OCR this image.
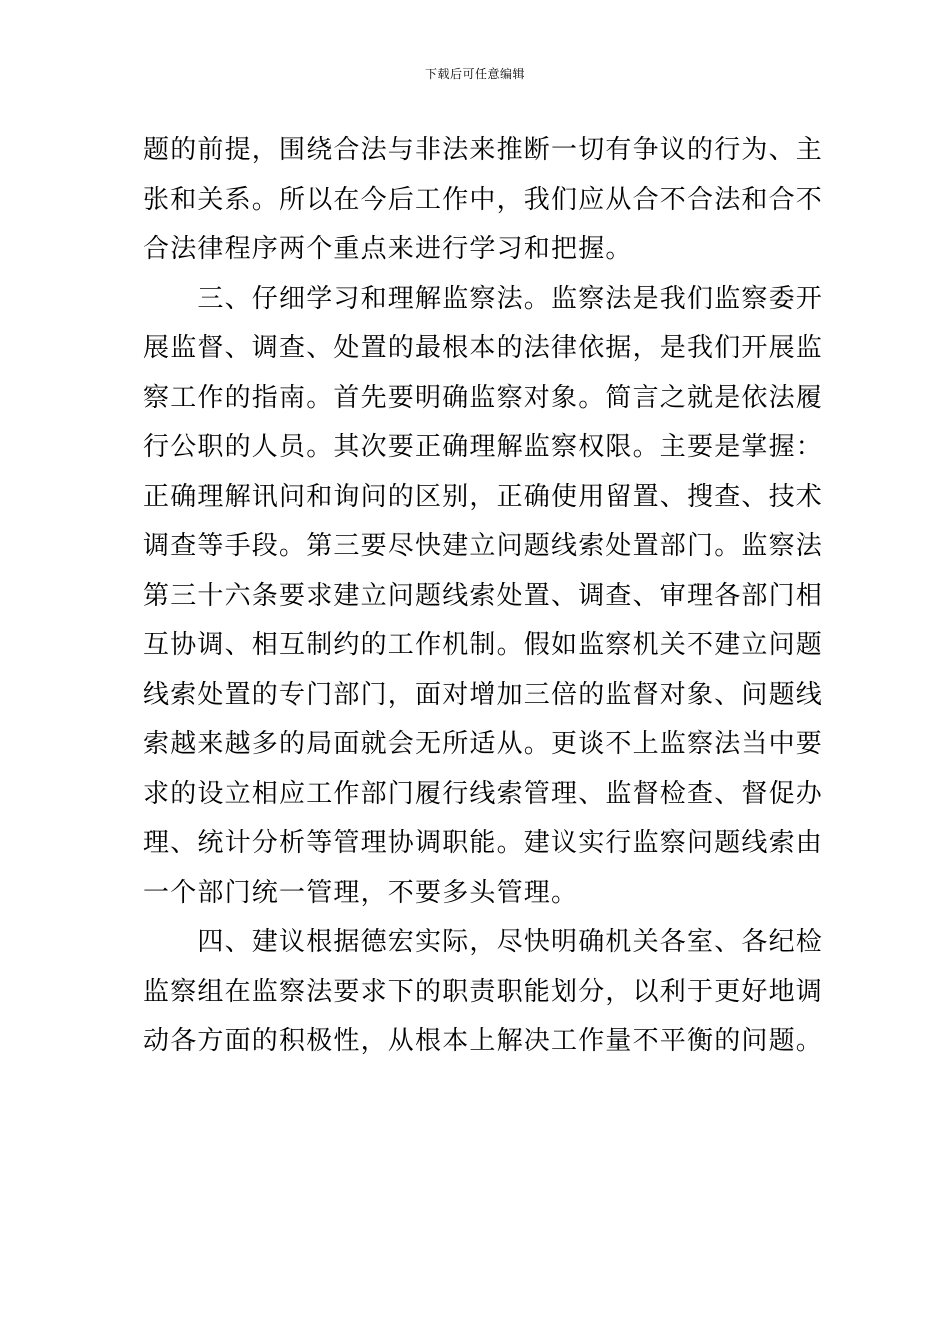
下载后可任意编辑
题的前提，围绕合法与非法来推断一切有争议的行为、主
张和关系。所以在今后工作中，我们应从合不合法和合不
合法律程序两个重点来进行学习和把握。
　　三、仔细学习和理解监察法。监察法是我们监察委开
展监督、调查、处置的最根本的法律依据，是我们开展监
察工作的指南。首先要明确监察对象。简言之就是依法履
行公职的人员。其次要正确理解监察权限。主要是掌握：
正确理解讯问和询问的区别，正确使用留置、搜查、技术
调查等手段。第三要尽快建立问题线索处置部门。监察法
第三十六条要求建立问题线索处置、调查、审理各部门相
互协调、相互制约的工作机制。假如监察机关不建立问题
线索处置的专门部门，面对增加三倍的监督对象、问题线
索越来越多的局面就会无所适从。更谈不上监察法当中要
求的设立相应工作部门履行线索管理、监督检查、督促办
理、统计分析等管理协调职能。建议实行监察问题线索由
一个部门统一管理，不要多头管理。
　　四、建议根据德宏实际，尽快明确机关各室、各纪检
监察组在监察法要求下的职责职能划分，以利于更好地调
动各方面的积极性，从根本上解决工作量不平衡的问题。
